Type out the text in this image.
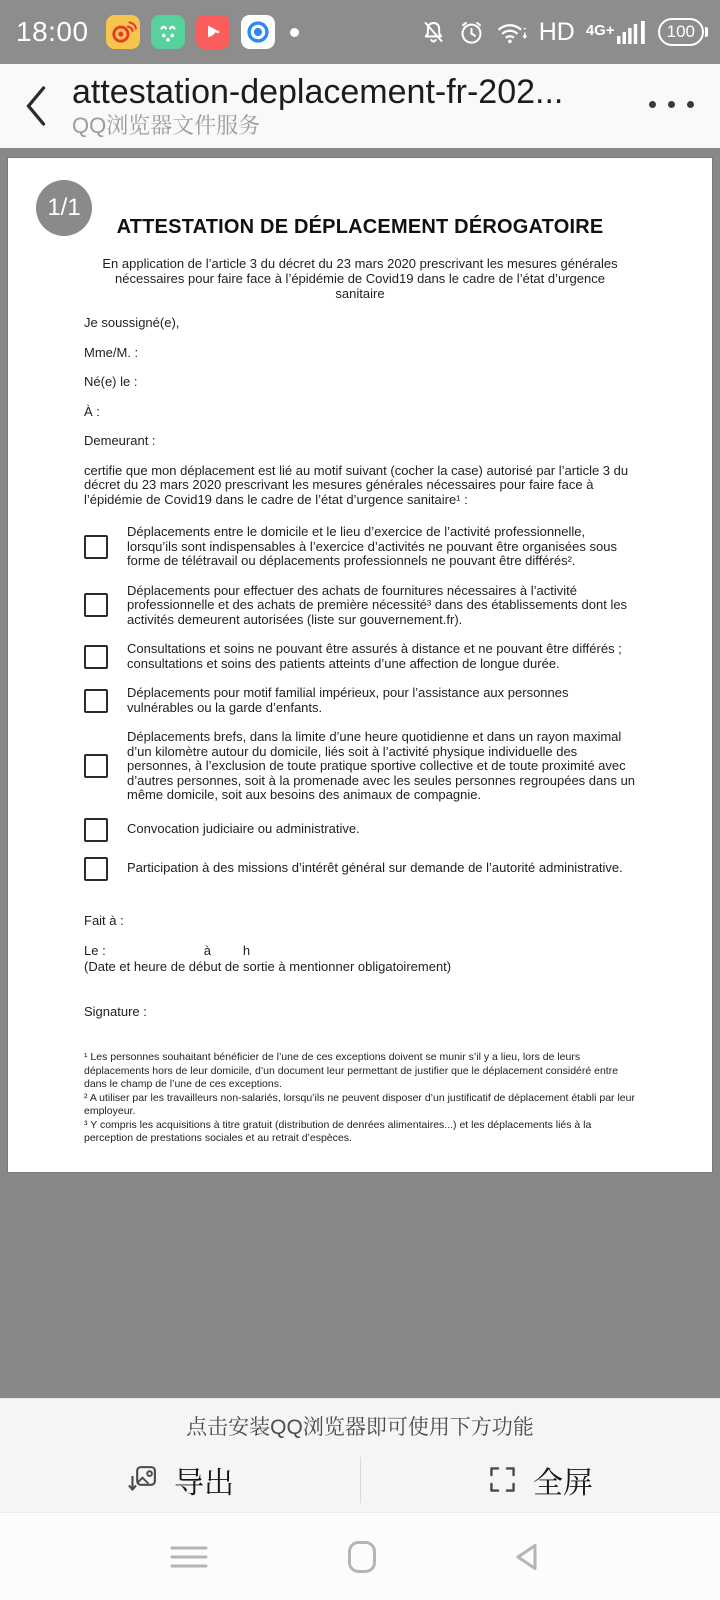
18:00	HD 4G+	100
attestation-deplacement-fr-202...
QQ浏览器文件服务
1/1
ATTESTATION DE DÉPLACEMENT DÉROGATOIRE

En application de l’article 3 du décret du 23 mars 2020 prescrivant les mesures générales nécessaires pour faire face à l’épidémie de Covid19 dans le cadre de l’état d’urgence sanitaire

Je soussigné(e),
Mme/M. :
Né(e) le :
À :
Demeurant :

certifie que mon déplacement est lié au motif suivant (cocher la case) autorisé par l’article 3 du décret du 23 mars 2020 prescrivant les mesures générales nécessaires pour faire face à l’épidémie de Covid19 dans le cadre de l’état d’urgence sanitaire¹ :

Déplacements entre le domicile et le lieu d’exercice de l’activité professionnelle, lorsqu’ils sont indispensables à l’exercice d’activités ne pouvant être organisées sous forme de télétravail ou déplacements professionnels ne pouvant être différés².
Déplacements pour effectuer des achats de fournitures nécessaires à l’activité professionnelle et des achats de première nécessité³ dans des établissements dont les activités demeurent autorisées (liste sur gouvernement.fr).
Consultations et soins ne pouvant être assurés à distance et ne pouvant être différés ; consultations et soins des patients atteints d’une affection de longue durée.
Déplacements pour motif familial impérieux, pour l’assistance aux personnes vulnérables ou la garde d’enfants.
Déplacements brefs, dans la limite d’une heure quotidienne et dans un rayon maximal d’un kilomètre autour du domicile, liés soit à l’activité physique individuelle des personnes, à l’exclusion de toute pratique sportive collective et de toute proximité avec d’autres personnes, soit à la promenade avec les seules personnes regroupées dans un même domicile, soit aux besoins des animaux de compagnie.
Convocation judiciaire ou administrative.
Participation à des missions d’intérêt général sur demande de l’autorité administrative.
Fait à :
Le :	à h
(Date et heure de début de sortie à mentionner obligatoirement)
Signature :

¹ Les personnes souhaitant bénéficier de l’une de ces exceptions doivent se munir s’il y a lieu, lors de leurs déplacements hors de leur domicile, d’un document leur permettant de justifier que le déplacement considéré entre dans le champ de l’une de ces exceptions.

² A utiliser par les travailleurs non-salariés, lorsqu’ils ne peuvent disposer d’un justificatif de déplacement établi par leur employeur.

³ Y compris les acquisitions à titre gratuit (distribution de denrées alimentaires...) et les déplacements liés à la perception de prestations sociales et au retrait d’espèces.

点击安装QQ浏览器即可使用下方功能
导出	全屏
